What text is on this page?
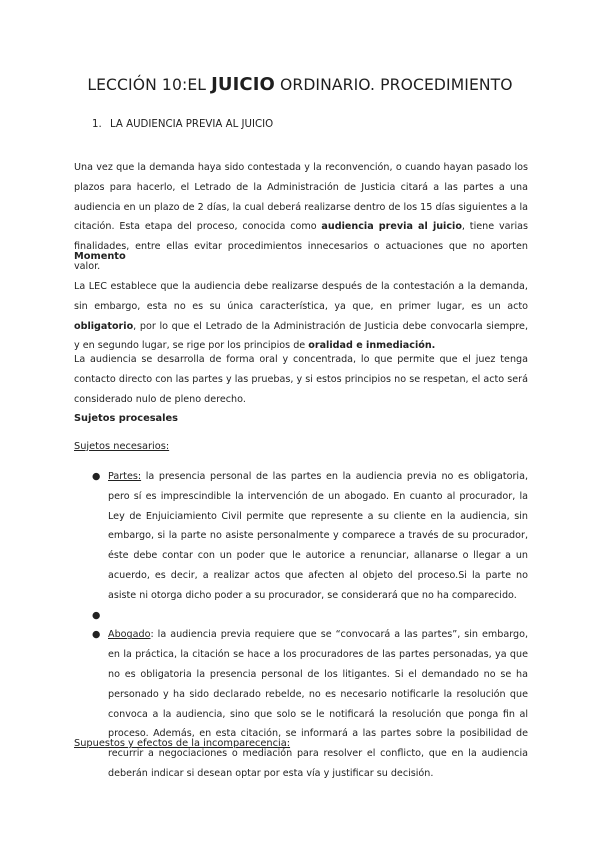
LECCIÓN 10:EL JUICIO ORDINARIO. PROCEDIMIENTO
1. LA AUDIENCIA PREVIA AL JUICIO

Una vez que la demanda haya sido contestada y la reconvención, o cuando hayan pasado los plazos para hacerlo, el Letrado de la Administración de Justicia citará a las partes a una audiencia en un plazo de 2 días, la cual deberá realizarse dentro de los 15 días siguientes a la citación. Esta etapa del proceso, conocida como audiencia previa al juicio, tiene varias finalidades, entre ellas evitar procedimientos innecesarios o actuaciones que no aporten valor.

Momento

La LEC establece que la audiencia debe realizarse después de la contestación a la demanda, sin embargo, esta no es su única característica, ya que, en primer lugar, es un acto obligatorio, por lo que el Letrado de la Administración de Justicia debe convocarla siempre, y en segundo lugar, se rige por los principios de oralidad e inmediación.

La audiencia se desarrolla de forma oral y concentrada, lo que permite que el juez tenga contacto directo con las partes y las pruebas, y si estos principios no se respetan, el acto será considerado nulo de pleno derecho.

Sujetos procesales

Sujetos necesarios:

● Partes: la presencia personal de las partes en la audiencia previa no es obligatoria, pero sí es imprescindible la intervención de un abogado. En cuanto al procurador, la Ley de Enjuiciamiento Civil permite que represente a su cliente en la audiencia, sin embargo, si la parte no asiste personalmente y comparece a través de su procurador, éste debe contar con un poder que le autorice a renunciar, allanarse o llegar a un acuerdo, es decir, a realizar actos que afecten al objeto del proceso.Si la parte no asiste ni otorga dicho poder a su procurador, se considerará que no ha comparecido.

●

● Abogado: la audiencia previa requiere que se “convocará a las partes”, sin embargo, en la práctica, la citación se hace a los procuradores de las partes personadas, ya que no es obligatoria la presencia personal de los litigantes. Si el demandado no se ha personado y ha sido declarado rebelde, no es necesario notificarle la resolución que convoca a la audiencia, sino que solo se le notificará la resolución que ponga fin al proceso. Además, en esta citación, se informará a las partes sobre la posibilidad de recurrir a negociaciones o mediación para resolver el conflicto, que en la audiencia deberán indicar si desean optar por esta vía y justificar su decisión.

Supuestos y efectos de la incomparecencia:
